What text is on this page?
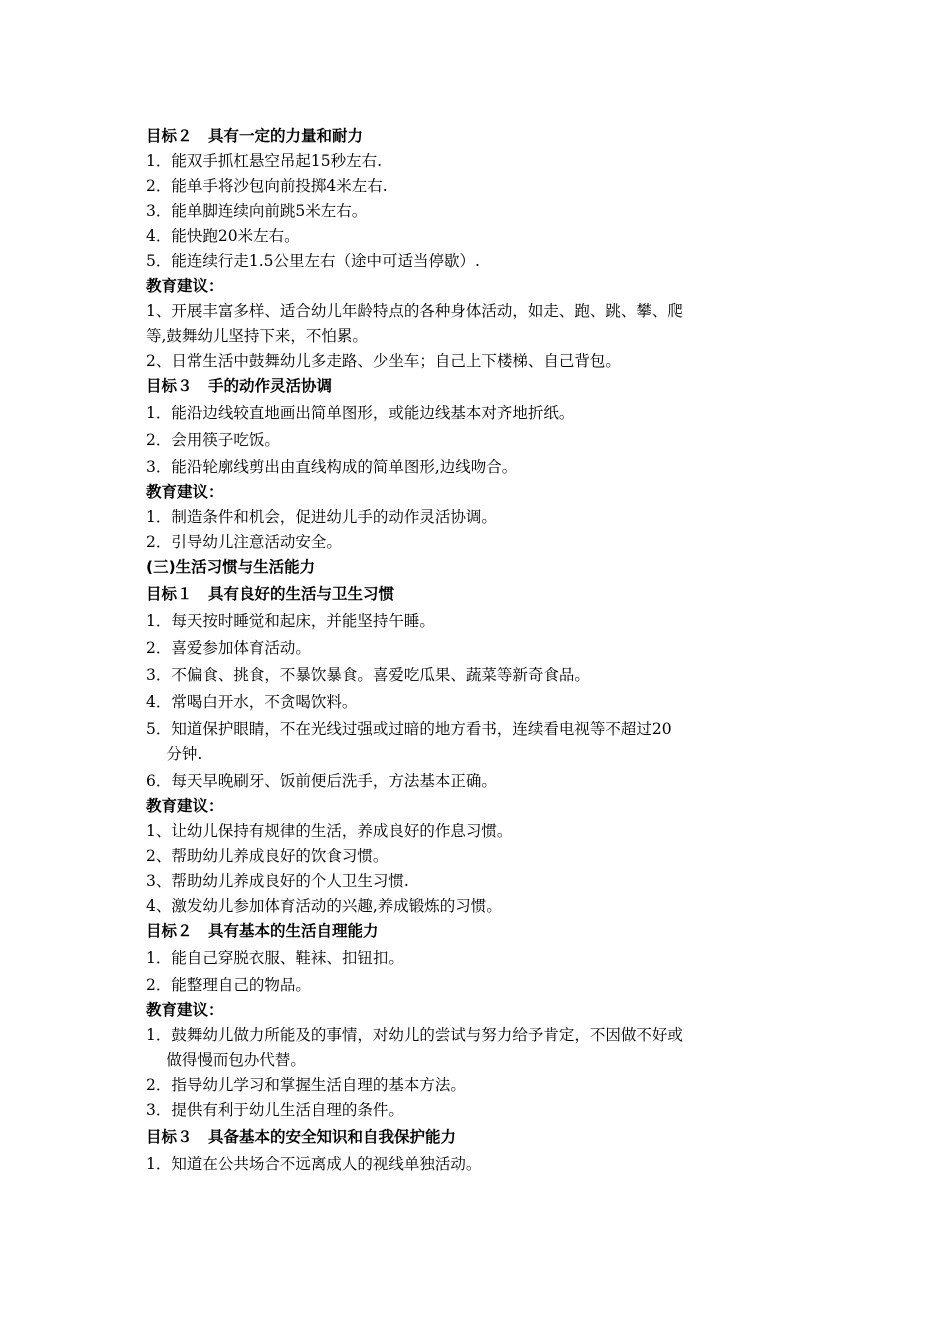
目标２　具有一定的力量和耐力
1．能双手抓杠悬空吊起15秒左右.
2．能单手将沙包向前投掷4米左右.
3．能单脚连续向前跳5米左右。
4．能快跑20米左右。
5．能连续行走1.5公里左右（途中可适当停歇）.
教育建议：
1、开展丰富多样、适合幼儿年龄特点的各种身体活动，如走、跑、跳、攀、爬
等,鼓舞幼儿坚持下来，不怕累。
2、日常生活中鼓舞幼儿多走路、少坐车；自己上下楼梯、自己背包。
目标３　手的动作灵活协调
1．能沿边线较直地画出简单图形，或能边线基本对齐地折纸。
2．会用筷子吃饭。
3．能沿轮廓线剪出由直线构成的简单图形,边线吻合。
教育建议：
1．制造条件和机会，促进幼儿手的动作灵活协调。
2．引导幼儿注意活动安全。
(三)生活习惯与生活能力
目标１　具有良好的生活与卫生习惯
1．每天按时睡觉和起床，并能坚持午睡。
2．喜爱参加体育活动。
3．不偏食、挑食，不暴饮暴食。喜爱吃瓜果、蔬菜等新奇食品。
4．常喝白开水，不贪喝饮料。
5．知道保护眼睛，不在光线过强或过暗的地方看书，连续看电视等不超过20
　 分钟.
6．每天早晚刷牙、饭前便后洗手，方法基本正确。
教育建议：
1、让幼儿保持有规律的生活，养成良好的作息习惯。
2、帮助幼儿养成良好的饮食习惯。
3、帮助幼儿养成良好的个人卫生习惯.
4、激发幼儿参加体育活动的兴趣,养成锻炼的习惯。
目标２　具有基本的生活自理能力
1．能自己穿脱衣服、鞋袜、扣钮扣。
2．能整理自己的物品。
教育建议：
1．鼓舞幼儿做力所能及的事情，对幼儿的尝试与努力给予肯定，不因做不好或
　 做得慢而包办代替。
2．指导幼儿学习和掌握生活自理的基本方法。
3．提供有利于幼儿生活自理的条件。
目标３　具备基本的安全知识和自我保护能力
1．知道在公共场合不远离成人的视线单独活动。
